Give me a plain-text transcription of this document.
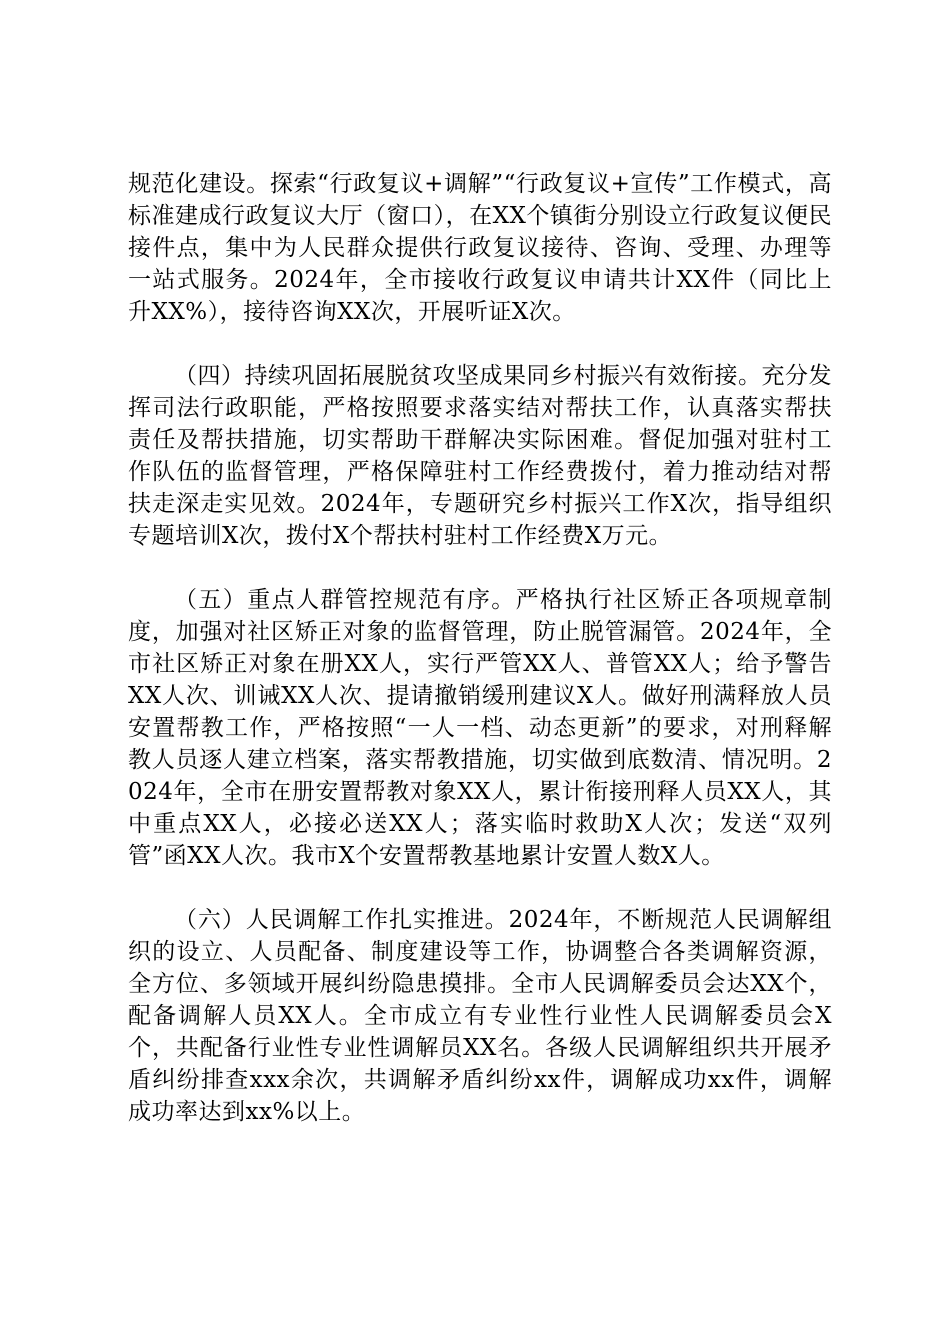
规范化建设。探索“行政复议+调解”“行政复议+宣传”工作模式，高标准建成行政复议大厅（窗口），在XX个镇街分别设立行政复议便民接件点，集中为人民群众提供行政复议接待、咨询、受理、办理等一站式服务。2024年，全市接收行政复议申请共计XX件（同比上升XX%），接待咨询XX次，开展听证X次。

（四）持续巩固拓展脱贫攻坚成果同乡村振兴有效衔接。充分发挥司法行政职能，严格按照要求落实结对帮扶工作，认真落实帮扶责任及帮扶措施，切实帮助干群解决实际困难。督促加强对驻村工作队伍的监督管理，严格保障驻村工作经费拨付，着力推动结对帮扶走深走实见效。2024年，专题研究乡村振兴工作X次，指导组织专题培训X次，拨付X个帮扶村驻村工作经费X万元。

（五）重点人群管控规范有序。严格执行社区矫正各项规章制度，加强对社区矫正对象的监督管理，防止脱管漏管。2024年，全市社区矫正对象在册XX人，实行严管XX人、普管XX人；给予警告XX人次、训诫XX人次、提请撤销缓刑建议X人。做好刑满释放人员安置帮教工作，严格按照“一人一档、动态更新”的要求，对刑释解教人员逐人建立档案，落实帮教措施，切实做到底数清、情况明。2024年，全市在册安置帮教对象XX人，累计衔接刑释人员XX人，其中重点XX人，必接必送XX人；落实临时救助X人次；发送“双列管”函XX人次。我市X个安置帮教基地累计安置人数X人。

（六）人民调解工作扎实推进。2024年，不断规范人民调解组织的设立、人员配备、制度建设等工作，协调整合各类调解资源，全方位、多领域开展纠纷隐患摸排。全市人民调解委员会达XX个，配备调解人员XX人。全市成立有专业性行业性人民调解委员会X个，共配备行业性专业性调解员XX名。各级人民调解组织共开展矛盾纠纷排查xxx余次，共调解矛盾纠纷xx件，调解成功xx件，调解成功率达到xx%以上。
